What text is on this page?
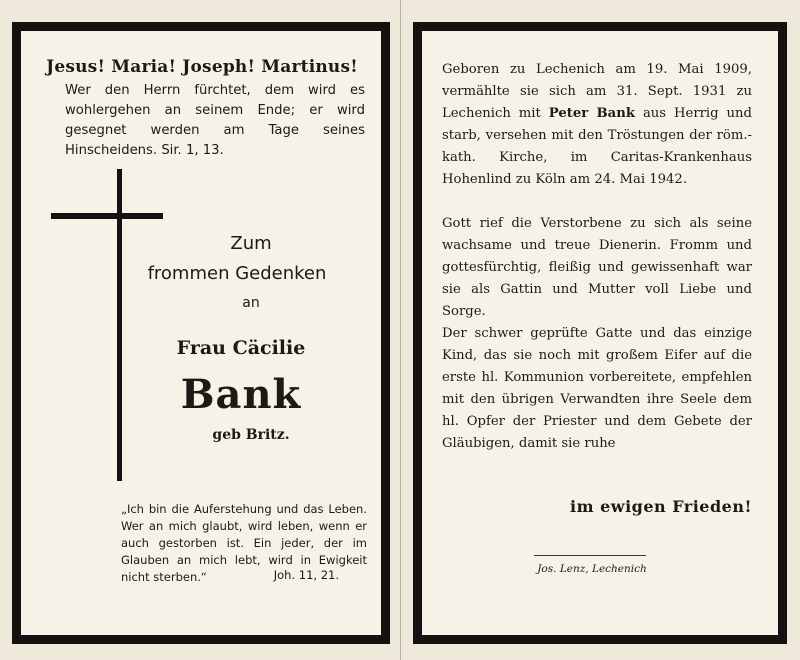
Jesus! Maria! Joseph! Martinus!

Wer den Herrn fürchtet, dem wird es wohlergehen an seinem Ende; er wird gesegnet werden am Tage seines Hinscheidens. Sir. 1, 13.

Zum

frommen Gedenken

an

Frau Cäcilie

Bank

geb Britz.

„Ich bin die Auferstehung und das Leben. Wer an mich glaubt, wird leben, wenn er auch gestorben ist. Ein jeder, der im Glauben an mich lebt, wird in Ewigkeit nicht sterben.“	Joh. 11, 21.

Geboren zu Lechenich am 19. Mai 1909, vermählte sie sich am 31. Sept. 1931 zu Lechenich mit Peter Bank aus Herrig und starb, versehen mit den Tröstungen der röm.-kath. Kirche, im Caritas-Krankenhaus Hohenlind zu Köln am 24. Mai 1942.

Gott rief die Verstorbene zu sich als seine wachsame und treue Dienerin. Fromm und gottesfürchtig, fleißig und gewissenhaft war sie als Gattin und Mutter voll Liebe und Sorge.

Der schwer geprüfte Gatte und das einzige Kind, das sie noch mit großem Eifer auf die erste hl. Kommunion vorbereitete, empfehlen mit den übrigen Verwandten ihre Seele dem hl. Opfer der Priester und dem Gebete der Gläubigen, damit sie ruhe

im ewigen Frieden!

Jos. Lenz, Lechenich
